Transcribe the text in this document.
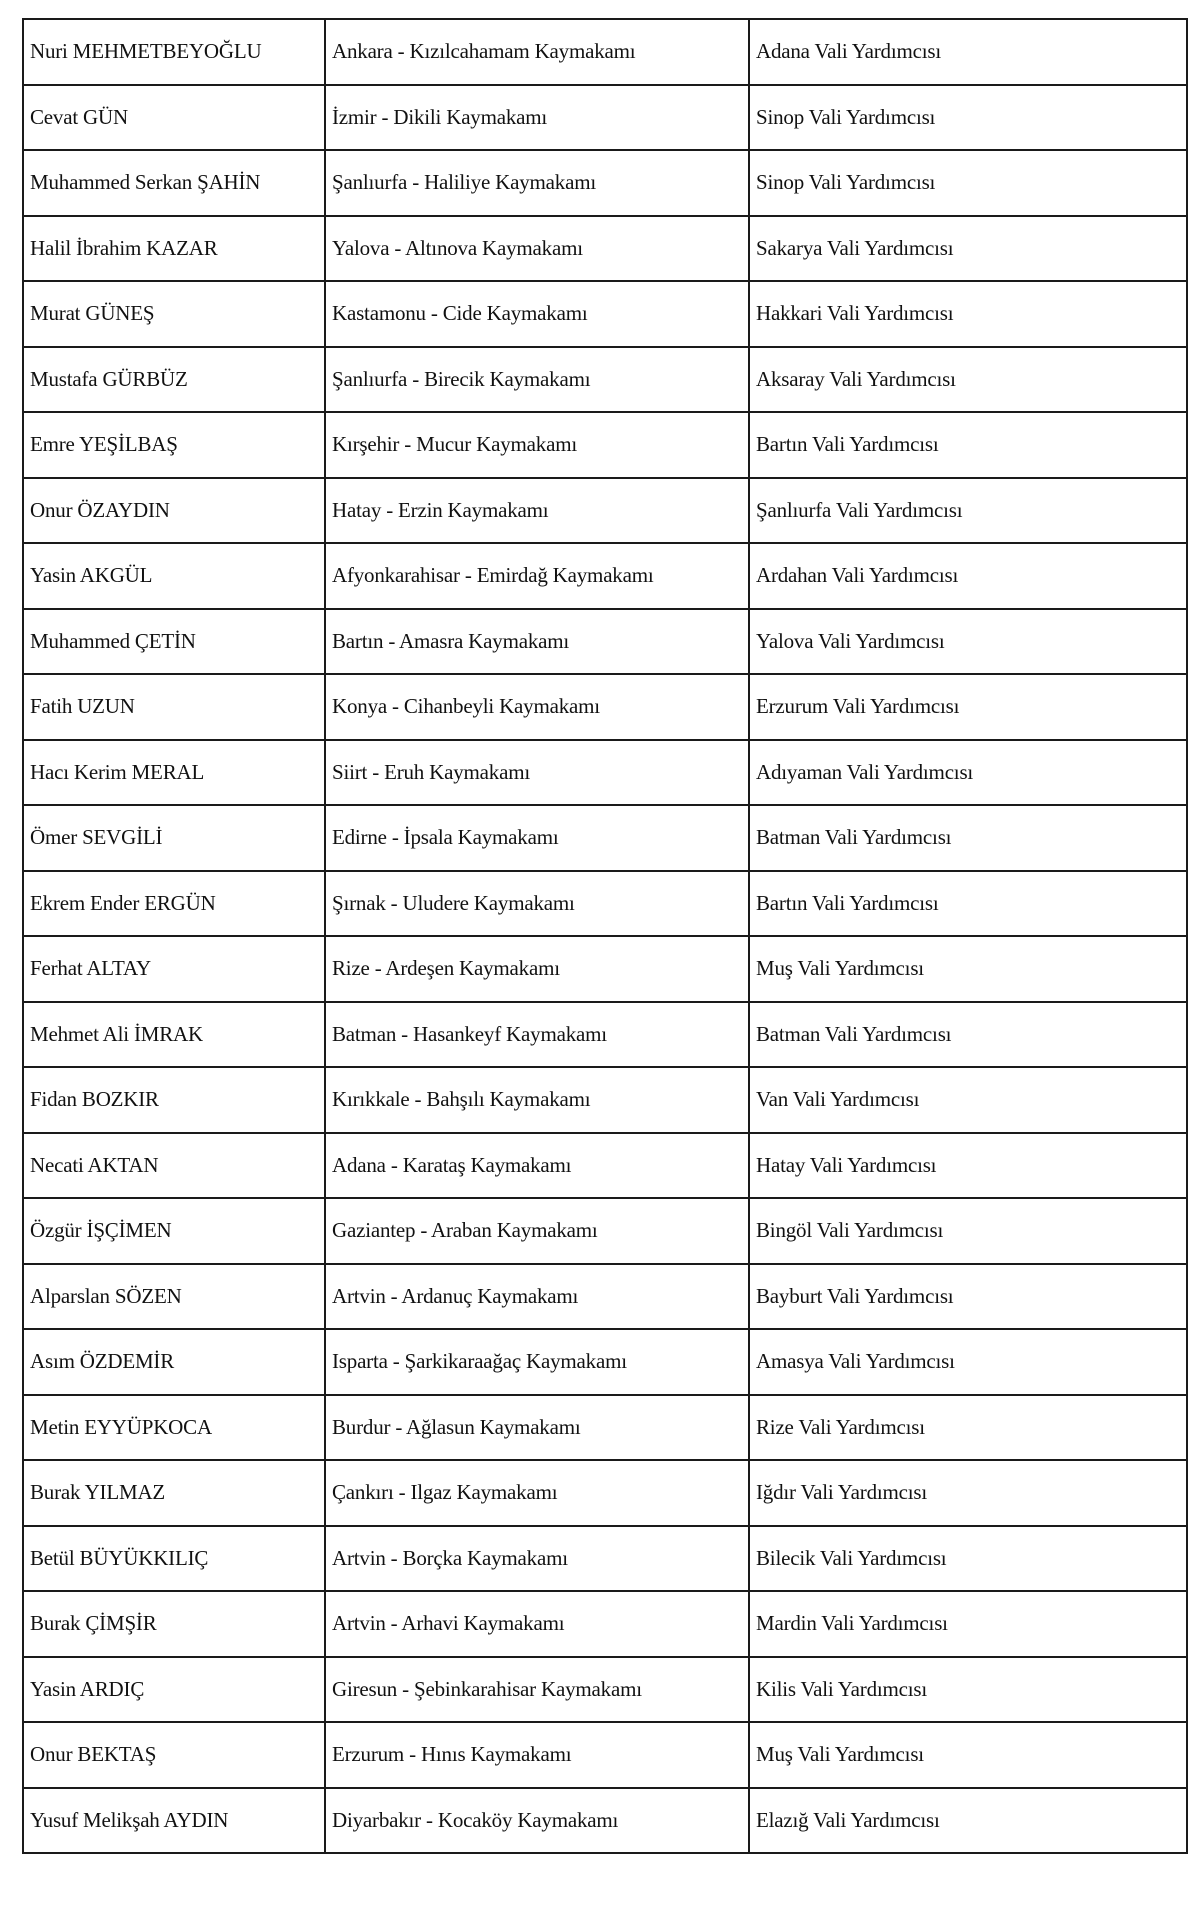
Nuri MEHMETBEYOĞLU	Ankara - Kızılcahamam Kaymakamı	Adana Vali Yardımcısı
Cevat GÜN	İzmir - Dikili Kaymakamı	Sinop Vali Yardımcısı
Muhammed Serkan ŞAHİN	Şanlıurfa - Haliliye Kaymakamı	Sinop Vali Yardımcısı
Halil İbrahim KAZAR	Yalova - Altınova Kaymakamı	Sakarya Vali Yardımcısı
Murat GÜNEŞ	Kastamonu - Cide Kaymakamı	Hakkari Vali Yardımcısı
Mustafa GÜRBÜZ	Şanlıurfa - Birecik Kaymakamı	Aksaray Vali Yardımcısı
Emre YEŞİLBAŞ	Kırşehir - Mucur Kaymakamı	Bartın Vali Yardımcısı
Onur ÖZAYDIN	Hatay - Erzin Kaymakamı	Şanlıurfa Vali Yardımcısı
Yasin AKGÜL	Afyonkarahisar - Emirdağ Kaymakamı	Ardahan Vali Yardımcısı
Muhammed ÇETİN	Bartın - Amasra Kaymakamı	Yalova Vali Yardımcısı
Fatih UZUN	Konya - Cihanbeyli Kaymakamı	Erzurum Vali Yardımcısı
Hacı Kerim MERAL	Siirt - Eruh Kaymakamı	Adıyaman Vali Yardımcısı
Ömer SEVGİLİ	Edirne - İpsala Kaymakamı	Batman Vali Yardımcısı
Ekrem Ender ERGÜN	Şırnak - Uludere Kaymakamı	Bartın Vali Yardımcısı
Ferhat ALTAY	Rize - Ardeşen Kaymakamı	Muş Vali Yardımcısı
Mehmet Ali İMRAK	Batman - Hasankeyf Kaymakamı	Batman Vali Yardımcısı
Fidan BOZKIR	Kırıkkale - Bahşılı Kaymakamı	Van Vali Yardımcısı
Necati AKTAN	Adana - Karataş Kaymakamı	Hatay Vali Yardımcısı
Özgür İŞÇİMEN	Gaziantep - Araban Kaymakamı	Bingöl Vali Yardımcısı
Alparslan SÖZEN	Artvin - Ardanuç Kaymakamı	Bayburt Vali Yardımcısı
Asım ÖZDEMİR	Isparta - Şarkikaraağaç Kaymakamı	Amasya Vali Yardımcısı
Metin EYYÜPKOCA	Burdur - Ağlasun Kaymakamı	Rize Vali Yardımcısı
Burak YILMAZ	Çankırı - Ilgaz Kaymakamı	Iğdır Vali Yardımcısı
Betül BÜYÜKKILIÇ	Artvin - Borçka Kaymakamı	Bilecik Vali Yardımcısı
Burak ÇİMŞİR	Artvin - Arhavi Kaymakamı	Mardin Vali Yardımcısı
Yasin ARDIÇ	Giresun - Şebinkarahisar Kaymakamı	Kilis Vali Yardımcısı
Onur BEKTAŞ	Erzurum - Hınıs Kaymakamı	Muş Vali Yardımcısı
Yusuf Melikşah AYDIN	Diyarbakır - Kocaköy Kaymakamı	Elazığ Vali Yardımcısı
